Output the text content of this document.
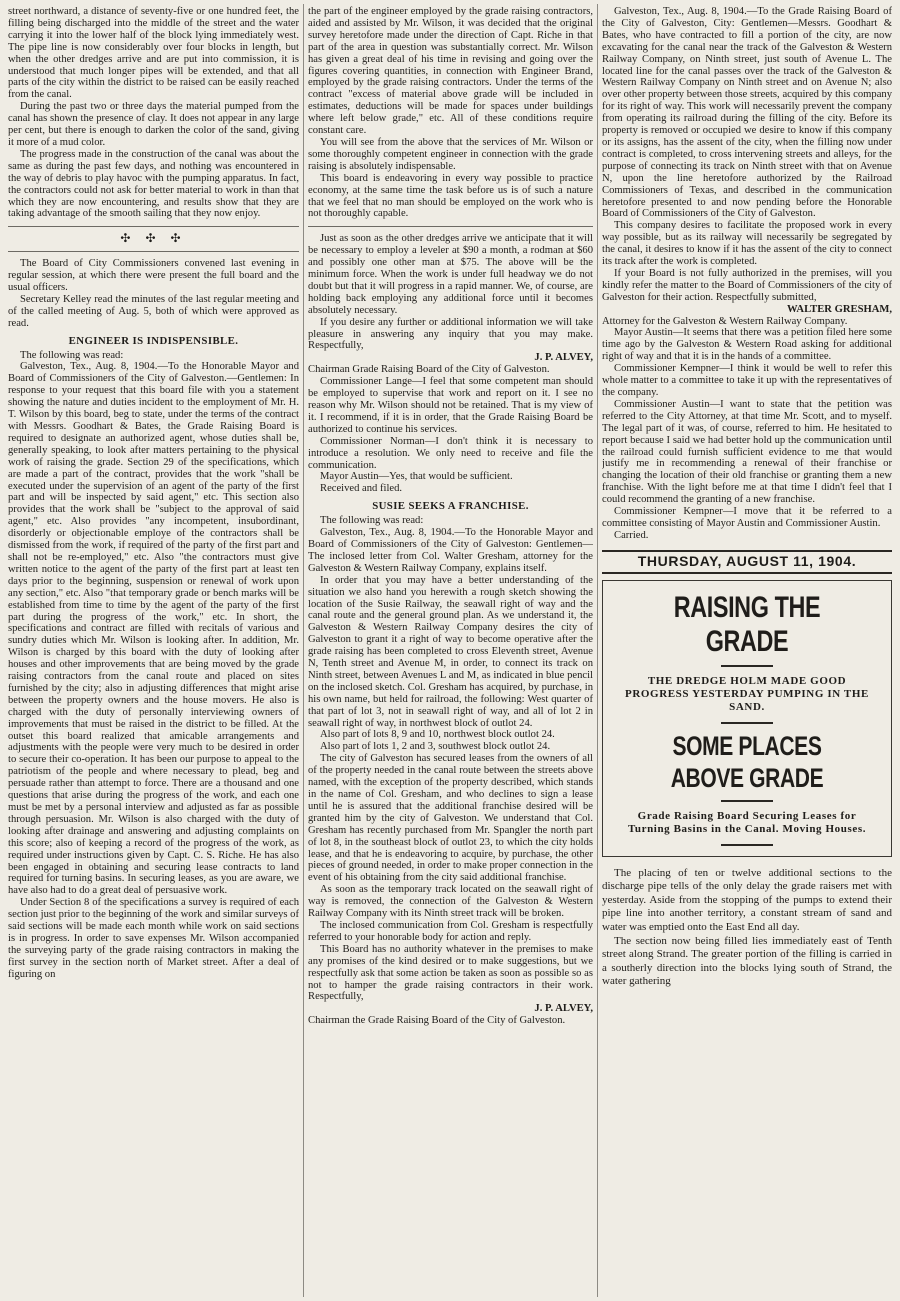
street northward, a distance of seventy-five or one hundred feet, the filling being discharged into the middle of the street and the water carrying it into the lower half of the block lying immediately west. The pipe line is now considerably over four blocks in length, but when the other dredges arrive and are put into commission, it is understood that much longer pipes will be extended, and that all parts of the city within the district to be raised can be easily reached from the canal.

During the past two or three days the material pumped from the canal has shown the presence of clay. It does not appear in any large per cent, but there is enough to darken the color of the sand, giving it more of a mud color.

The progress made in the construction of the canal was about the same as during the past few days, and nothing was encountered in the way of debris to play havoc with the pumping apparatus. In fact, the contractors could not ask for better material to work in than that which they are now encountering, and results show that they are taking advantage of the smooth sailing that they now enjoy.

✣ ✣ ✣

The Board of City Commissioners convened last evening in regular session, at which there were present the full board and the usual officers.

Secretary Kelley read the minutes of the last regular meeting and of the called meeting of Aug. 5, both of which were approved as read.

ENGINEER IS INDISPENSIBLE.

The following was read:

Galveston, Tex., Aug. 8, 1904.—To the Honorable Mayor and Board of Commissioners of the City of Galveston.—Gentlemen: In response to your request that this board file with you a statement showing the nature and duties incident to the employment of Mr. H. T. Wilson by this board, beg to state, under the terms of the contract with Messrs. Goodhart & Bates, the Grade Raising Board is required to designate an authorized agent, whose duties shall be, generally speaking, to look after matters pertaining to the physical work of raising the grade. Section 29 of the specifications, which are made a part of the contract, provides that the work "shall be executed under the supervision of an agent of the party of the first part and will be inspected by said agent," etc. This section also provides that the work shall be "subject to the approval of said agent," etc. Also provides "any incompetent, insubordinant, disorderly or objectionable employe of the contractors shall be dismissed from the work, if required of the party of the first part and shall not be re-employed," etc. Also "the contractors must give written notice to the agent of the party of the first part at least ten days prior to the beginning, suspension or renewal of work upon any section," etc. Also "that temporary grade or bench marks will be established from time to time by the agent of the party of the first part during the progress of the work," etc. In short, the specifications and contract are filled with recitals of various and sundry duties which Mr. Wilson is looking after. In addition, Mr. Wilson is charged by this board with the duty of looking after houses and other improvements that are being moved by the grade raising contractors from the canal route and placed on sites furnished by the city; also in adjusting differences that might arise between the property owners and the house movers. He also is charged with the duty of personally interviewing owners of improvements that must be raised in the district to be filled. At the outset this board realized that amicable arrangements and adjustments with the people were very much to be desired in order to secure their co-operation. It has been our purpose to appeal to the patriotism of the people and where necessary to plead, beg and persuade rather than attempt to force. There are a thousand and one questions that arise during the progress of the work, and each one must be met by a personal interview and adjusted as far as possible through persuasion. Mr. Wilson is also charged with the duty of looking after drainage and answering and adjusting complaints on this score; also of keeping a record of the progress of the work, as required under instructions given by Capt. C. S. Riche. He has also been engaged in obtaining and securing lease contracts to land required for turning basins. In securing leases, as you are aware, we have also had to do a great deal of persuasive work.

Under Section 8 of the specifications a survey is required of each section just prior to the beginning of the work and similar surveys of said sections will be made each month while work on said sections is in progress. In order to save expenses Mr. Wilson accompanied the surveying party of the grade raising contractors in making the first survey in the section north of Market street. After a deal of figuring on

the part of the engineer employed by the grade raising contractors, aided and assisted by Mr. Wilson, it was decided that the original survey heretofore made under the direction of Capt. Riche in that part of the area in question was substantially correct. Mr. Wilson has given a great deal of his time in revising and going over the figures covering quantities, in connection with Engineer Brand, employed by the grade raising contractors. Under the terms of the contract "excess of material above grade will be included in estimates, deductions will be made for spaces under buildings where left below grade," etc. All of these conditions require constant care.

You will see from the above that the services of Mr. Wilson or some thoroughly competent engineer in connection with the grade raising is absolutely indispensable.

This board is endeavoring in every way possible to practice economy, at the same time the task before us is of such a nature that we feel that no man should be employed on the work who is not thoroughly capable.

Just as soon as the other dredges arrive we anticipate that it will be necessary to employ a leveler at $90 a month, a rodman at $60 and possibly one other man at $75. The above will be the minimum force. When the work is under full headway we do not doubt but that it will progress in a rapid manner. We, of course, are holding back employing any additional force until it becomes absolutely necessary.

If you desire any further or additional information we will take pleasure in answering any inquiry that you may make. Respectfully,

J. P. ALVEY,

Chairman Grade Raising Board of the City of Galveston.

Commissioner Lange—I feel that some competent man should be employed to supervise that work and report on it. I see no reason why Mr. Wilson should not be retained. That is my view of it. I recommend, if it is in order, that the Grade Raising Board be authorized to continue his services.

Commissioner Norman—I don't think it is necessary to introduce a resolution. We only need to receive and file the communication.

Mayor Austin—Yes, that would be sufficient.

Received and filed.

SUSIE SEEKS A FRANCHISE.

The following was read:

Galveston, Tex., Aug. 8, 1904.—To the Honorable Mayor and Board of Commissioners of the City of Galveston: Gentlemen—The inclosed letter from Col. Walter Gresham, attorney for the Galveston & Western Railway Company, explains itself.

In order that you may have a better understanding of the situation we also hand you herewith a rough sketch showing the location of the Susie Railway, the seawall right of way and the canal route and the general ground plan. As we understand it, the Galveston & Western Railway Company desires the city of Galveston to grant it a right of way to become operative after the grade raising has been completed to cross Eleventh street, Avenue N, Tenth street and Avenue M, in order, to connect its track on Ninth street, between Avenues L and M, as indicated in blue pencil on the inclosed sketch. Col. Gresham has acquired, by purchase, in his own name, but held for railroad, the following: West quarter of that part of lot 3, not in seawall right of way, and all of lot 2 in seawall right of way, in northwest block of outlot 24.

Also part of lots 8, 9 and 10, northwest block outlot 24.

Also part of lots 1, 2 and 3, southwest block outlot 24.

The city of Galveston has secured leases from the owners of all of the property needed in the canal route between the streets above named, with the exception of the property described, which stands in the name of Col. Gresham, and who declines to sign a lease until he is assured that the additional franchise desired will be granted him by the city of Galveston. We understand that Col. Gresham has recently purchased from Mr. Spangler the north part of lot 8, in the southeast block of outlot 23, to which the city holds lease, and that he is endeavoring to acquire, by purchase, the other pieces of ground needed, in order to make proper connection in the event of his obtaining from the city said additional franchise.

As soon as the temporary track located on the seawall right of way is removed, the connection of the Galveston & Western Railway Company with its Ninth street track will be broken.

The inclosed communication from Col. Gresham is respectfully referred to your honorable body for action and reply.

This Board has no authority whatever in the premises to make any promises of the kind desired or to make suggestions, but we respectfully ask that some action be taken as soon as possible so as not to hamper the grade raising contractors in their work. Respectfully,

J. P. ALVEY,

Chairman the Grade Raising Board of the City of Galveston.

Galveston, Tex., Aug. 8, 1904.—To the Grade Raising Board of the City of Galveston, City: Gentlemen—Messrs. Goodhart & Bates, who have contracted to fill a portion of the city, are now excavating for the canal near the track of the Galveston & Western Railway Company, on Ninth street, just south of Avenue L. The located line for the canal passes over the track of the Galveston & Western Railway Company on Ninth street and on Avenue N; also over other property between those streets, acquired by this company for its right of way. This work will necessarily prevent the company from operating its railroad during the filling of the city. Before its property is removed or occupied we desire to know if this company or its assigns, has the assent of the city, when the filling now under contract is completed, to cross intervening streets and alleys, for the purpose of connecting its track on Ninth street with that on Avenue N, upon the line heretofore authorized by the Railroad Commissioners of Texas, and described in the communication heretofore presented to and now pending before the Honorable Board of Commissioners of the City of Galveston.

This company desires to facilitate the proposed work in every way possible, but as its railway will necessarily be segregated by the canal, it desires to know if it has the assent of the city to connect its track after the work is completed.

If your Board is not fully authorized in the premises, will you kindly refer the matter to the Board of Commissioners of the city of Galveston for their action. Respectfully submitted,

WALTER GRESHAM,

Attorney for the Galveston & Western Railway Company.

Mayor Austin—It seems that there was a petition filed here some time ago by the Galveston & Western Road asking for additional right of way and that it is in the hands of a committee.

Commissioner Kempner—I think it would be well to refer this whole matter to a committee to take it up with the representatives of the company.

Commissioner Austin—I want to state that the petition was referred to the City Attorney, at that time Mr. Scott, and to myself. The legal part of it was, of course, referred to him. He hesitated to report because I said we had better hold up the communication until the railroad could furnish sufficient evidence to me that would justify me in recommending a renewal of their franchise or changing the location of their old franchise or granting them a new franchise. With the light before me at that time I didn't feel that I could recommend the granting of a new franchise.

Commissioner Kempner—I move that it be referred to a committee consisting of Mayor Austin and Commissioner Austin.

Carried.

THURSDAY, AUGUST 11, 1904.
RAISING THE GRADE
THE DREDGE HOLM MADE GOOD PROGRESS YESTERDAY PUMPING IN THE SAND.
SOME PLACES ABOVE GRADE
Grade Raising Board Securing Leases for Turning Basins in the Canal. Moving Houses.

The placing of ten or twelve additional sections to the discharge pipe tells of the only delay the grade raisers met with yesterday. Aside from the stopping of the pumps to extend their pipe line into another territory, a constant stream of sand and water was emptied onto the East End all day.

The section now being filled lies immediately east of Tenth street along Strand. The greater portion of the filling is carried in a southerly direction into the blocks lying south of Strand, the water gathering
